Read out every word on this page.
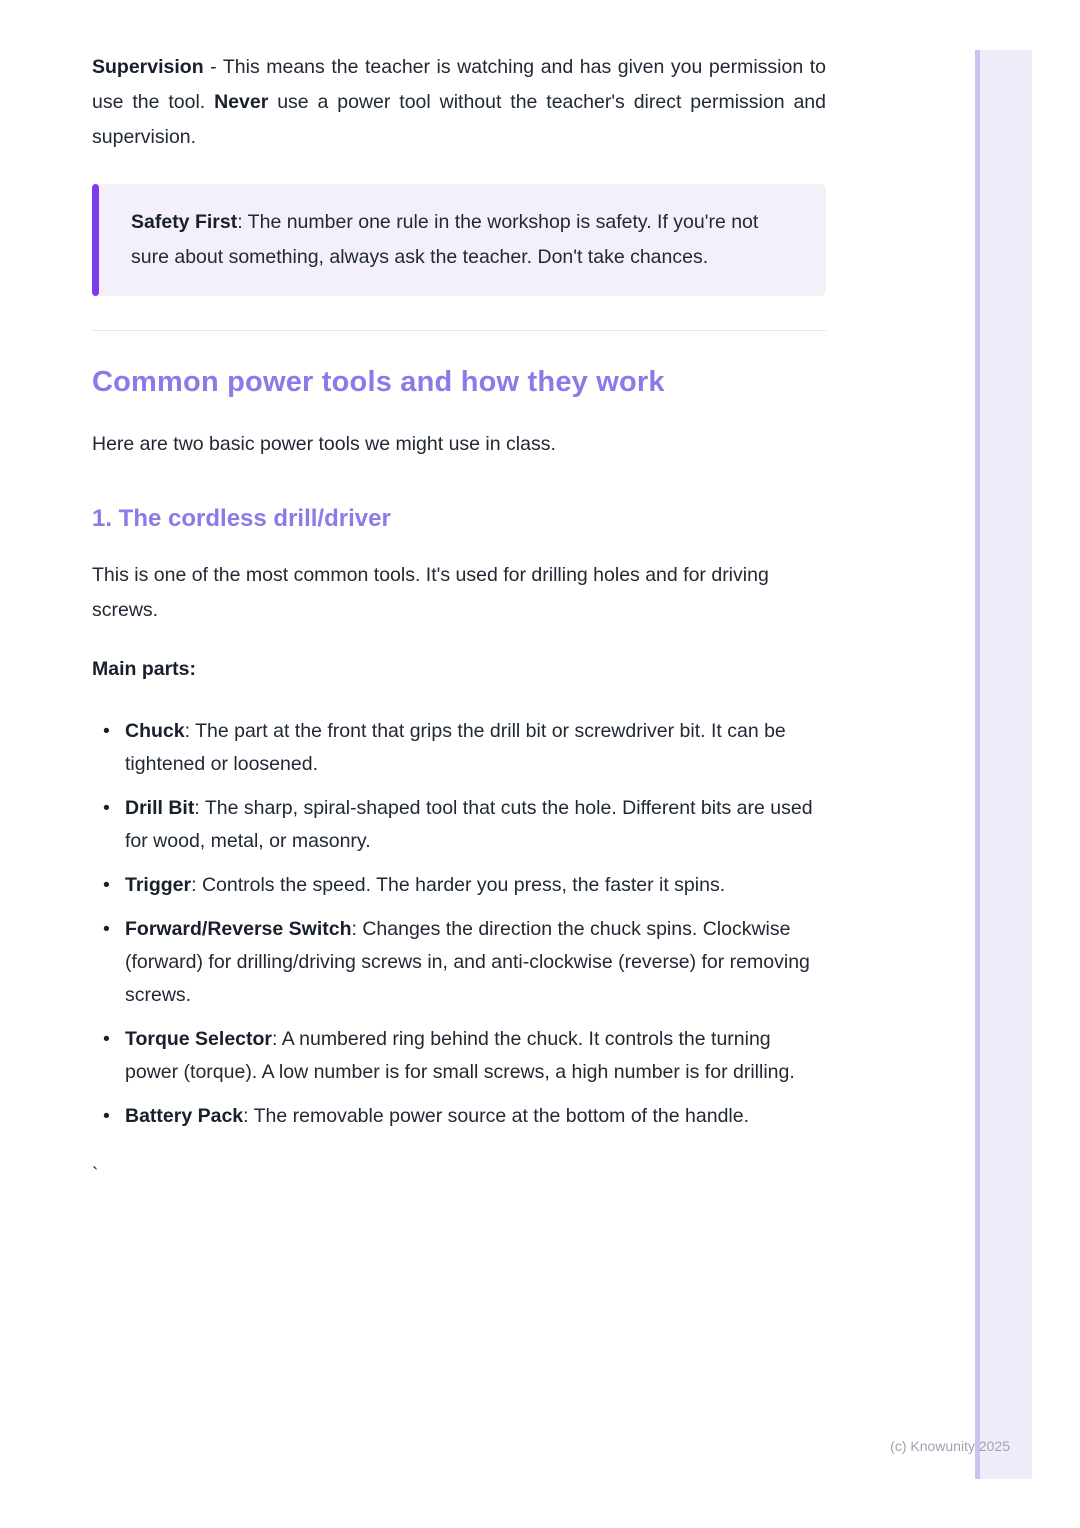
Supervision - This means the teacher is watching and has given you permission to use the tool. Never use a power tool without the teacher's direct permission and supervision.

Safety First: The number one rule in the workshop is safety. If you're not sure about something, always ask the teacher. Don't take chances.

Common power tools and how they work

Here are two basic power tools we might use in class.

1. The cordless drill/driver

This is one of the most common tools. It's used for drilling holes and for driving screws.

Main parts:

• Chuck: The part at the front that grips the drill bit or screwdriver bit. It can be tightened or loosened.
• Drill Bit: The sharp, spiral-shaped tool that cuts the hole. Different bits are used for wood, metal, or masonry.
• Trigger: Controls the speed. The harder you press, the faster it spins.
• Forward/Reverse Switch: Changes the direction the chuck spins. Clockwise (forward) for drilling/driving screws in, and anti-clockwise (reverse) for removing screws.
• Torque Selector: A numbered ring behind the chuck. It controls the turning power (torque). A low number is for small screws, a high number is for drilling.
• Battery Pack: The removable power source at the bottom of the handle.

`

(c) Knowunity 2025
